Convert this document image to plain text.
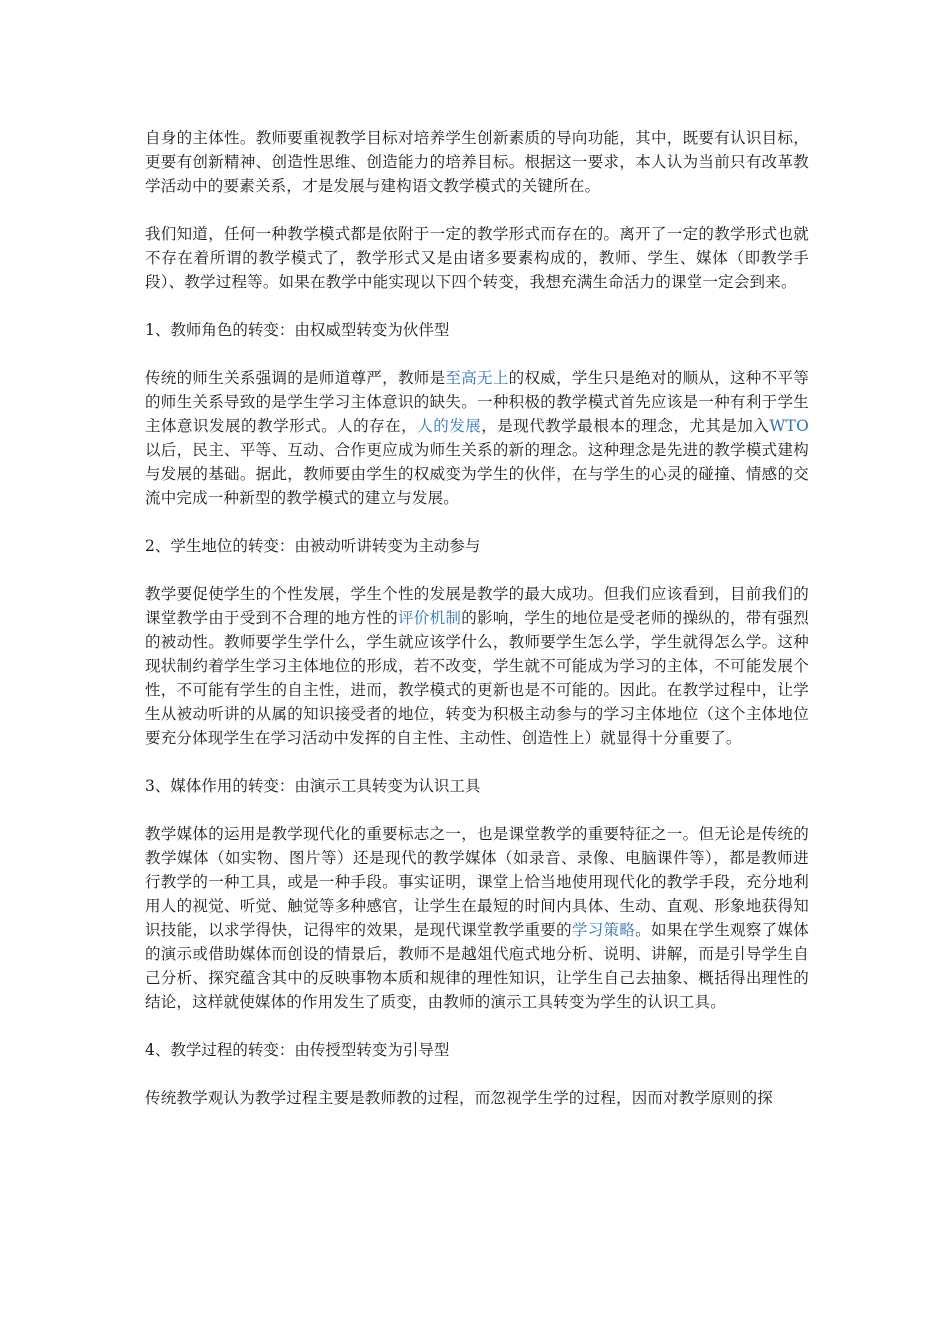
自身的主体性。教师要重视教学目标对培养学生创新素质的导向功能，其中，既要有认识目标，更要有创新精神、创造性思维、创造能力的培养目标。根据这一要求，本人认为当前只有改革教学活动中的要素关系，才是发展与建构语文教学模式的关键所在。

我们知道，任何一种教学模式都是依附于一定的教学形式而存在的。离开了一定的教学形式也就不存在着所谓的教学模式了，教学形式又是由诸多要素构成的，教师、学生、媒体（即教学手段）、教学过程等。如果在教学中能实现以下四个转变，我想充满生命活力的课堂一定会到来。

1、教师角色的转变：由权威型转变为伙伴型

传统的师生关系强调的是师道尊严，教师是至高无上的权威，学生只是绝对的顺从，这种不平等的师生关系导致的是学生学习主体意识的缺失。一种积极的教学模式首先应该是一种有利于学生主体意识发展的教学形式。人的存在，人的发展，是现代教学最根本的理念，尤其是加入WTO以后，民主、平等、互动、合作更应成为师生关系的新的理念。这种理念是先进的教学模式建构与发展的基础。据此，教师要由学生的权威变为学生的伙伴，在与学生的心灵的碰撞、情感的交流中完成一种新型的教学模式的建立与发展。

2、学生地位的转变：由被动听讲转变为主动参与

教学要促使学生的个性发展，学生个性的发展是教学的最大成功。但我们应该看到，目前我们的课堂教学由于受到不合理的地方性的评价机制的影响，学生的地位是受老师的操纵的，带有强烈的被动性。教师要学生学什么，学生就应该学什么，教师要学生怎么学，学生就得怎么学。这种现状制约着学生学习主体地位的形成，若不改变，学生就不可能成为学习的主体，不可能发展个性，不可能有学生的自主性，进而，教学模式的更新也是不可能的。因此。在教学过程中，让学生从被动听讲的从属的知识接受者的地位，转变为积极主动参与的学习主体地位（这个主体地位要充分体现学生在学习活动中发挥的自主性、主动性、创造性上）就显得十分重要了。

3、媒体作用的转变：由演示工具转变为认识工具

教学媒体的运用是教学现代化的重要标志之一，也是课堂教学的重要特征之一。但无论是传统的教学媒体（如实物、图片等）还是现代的教学媒体（如录音、录像、电脑课件等），都是教师进行教学的一种工具，或是一种手段。事实证明，课堂上恰当地使用现代化的教学手段，充分地利用人的视觉、听觉、触觉等多种感官，让学生在最短的时间内具体、生动、直观、形象地获得知识技能，以求学得快，记得牢的效果，是现代课堂教学重要的学习策略。如果在学生观察了媒体的演示或借助媒体而创设的情景后，教师不是越俎代庖式地分析、说明、讲解，而是引导学生自己分析、探究蕴含其中的反映事物本质和规律的理性知识，让学生自己去抽象、概括得出理性的结论，这样就使媒体的作用发生了质变，由教师的演示工具转变为学生的认识工具。

4、教学过程的转变：由传授型转变为引导型

传统教学观认为教学过程主要是教师教的过程，而忽视学生学的过程，因而对教学原则的探
